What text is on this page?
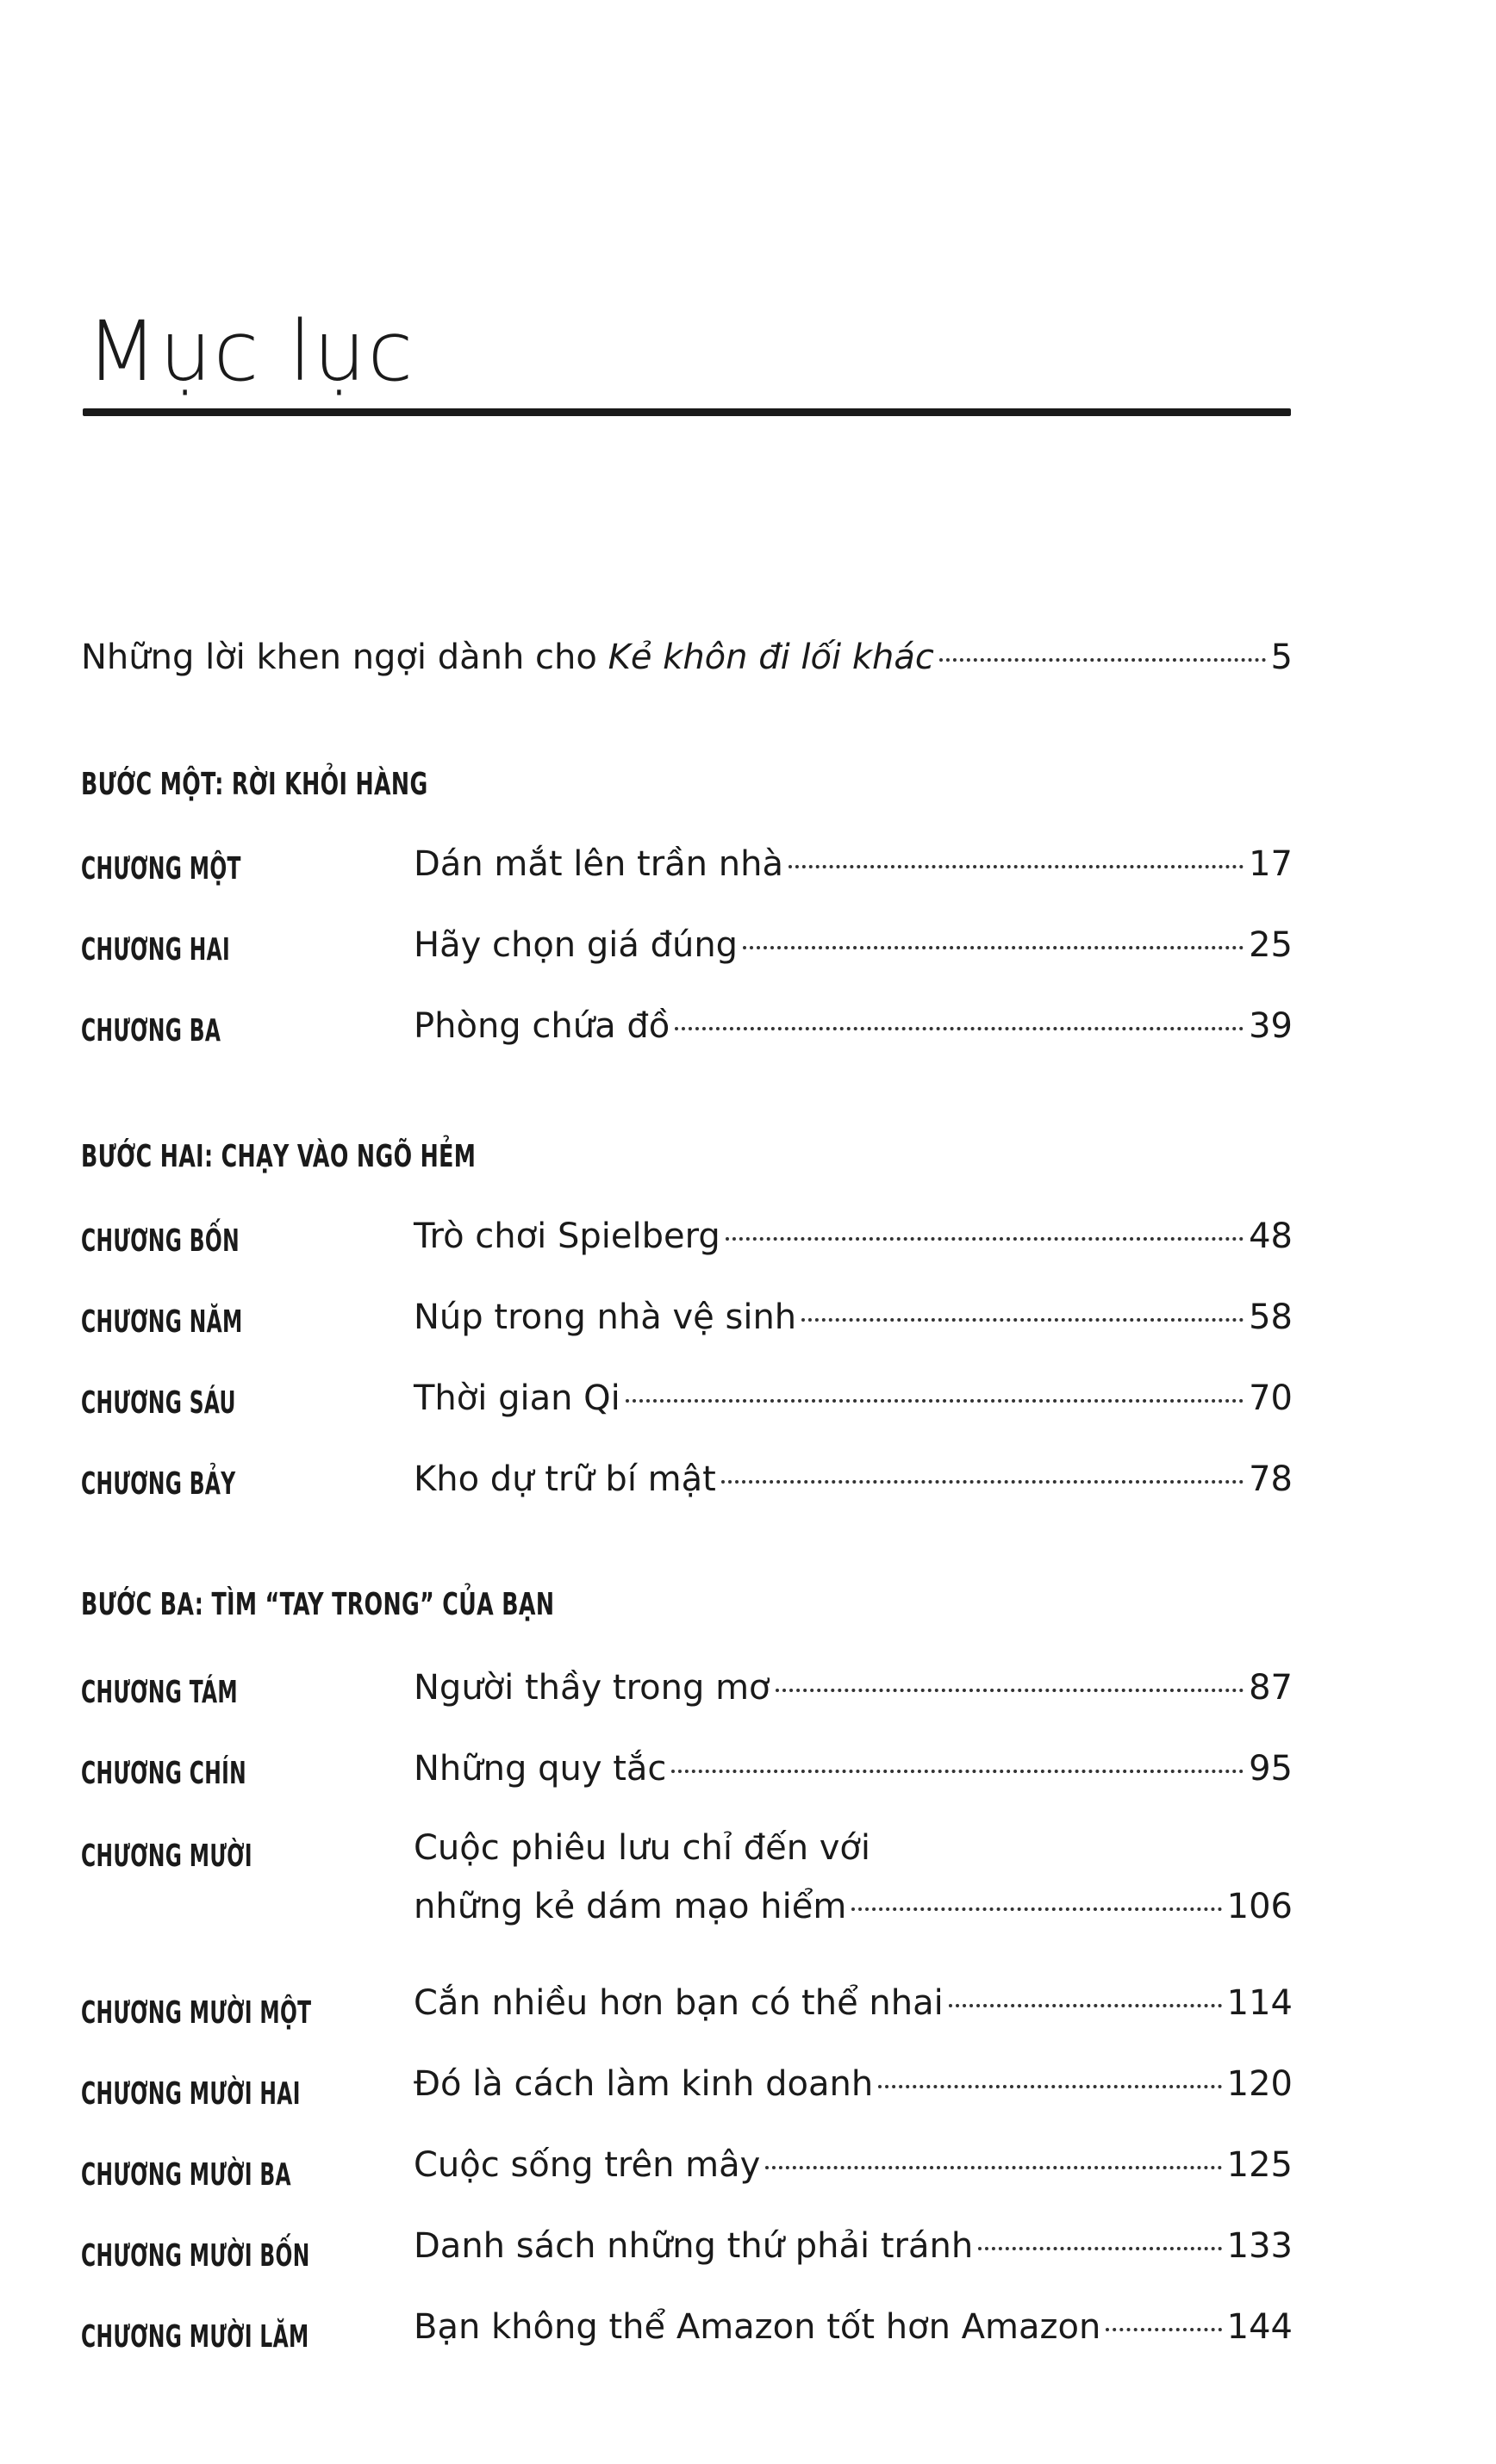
Mục lục
Những lời khen ngợi dành cho Kẻ khôn đi lối khác	5
BƯỚC MỘT: RỜI KHỎI HÀNG
CHƯƠNG MỘT	Dán mắt lên trần nhà	17
CHƯƠNG HAI	Hãy chọn giá đúng	25
CHƯƠNG BA	Phòng chứa đồ	39
BƯỚC HAI: CHẠY VÀO NGÕ HẺM
CHƯƠNG BỐN	Trò chơi Spielberg	48
CHƯƠNG NĂM	Núp trong nhà vệ sinh	58
CHƯƠNG SÁU	Thời gian Qi	70
CHƯƠNG BẢY	Kho dự trữ bí mật	78
BƯỚC BA: TÌM “TAY TRONG” CỦA BẠN
CHƯƠNG TÁM	Người thầy trong mơ	87
CHƯƠNG CHÍN	Những quy tắc	95
CHƯƠNG MƯỜI	Cuộc phiêu lưu chỉ đến với
những kẻ dám mạo hiểm	106
CHƯƠNG MƯỜI MỘT	Cắn nhiều hơn bạn có thể nhai	114
CHƯƠNG MƯỜI HAI	Đó là cách làm kinh doanh	120
CHƯƠNG MƯỜI BA	Cuộc sống trên mây	125
CHƯƠNG MƯỜI BỐN	Danh sách những thứ phải tránh	133
CHƯƠNG MƯỜI LĂM	Bạn không thể Amazon tốt hơn Amazon	144
